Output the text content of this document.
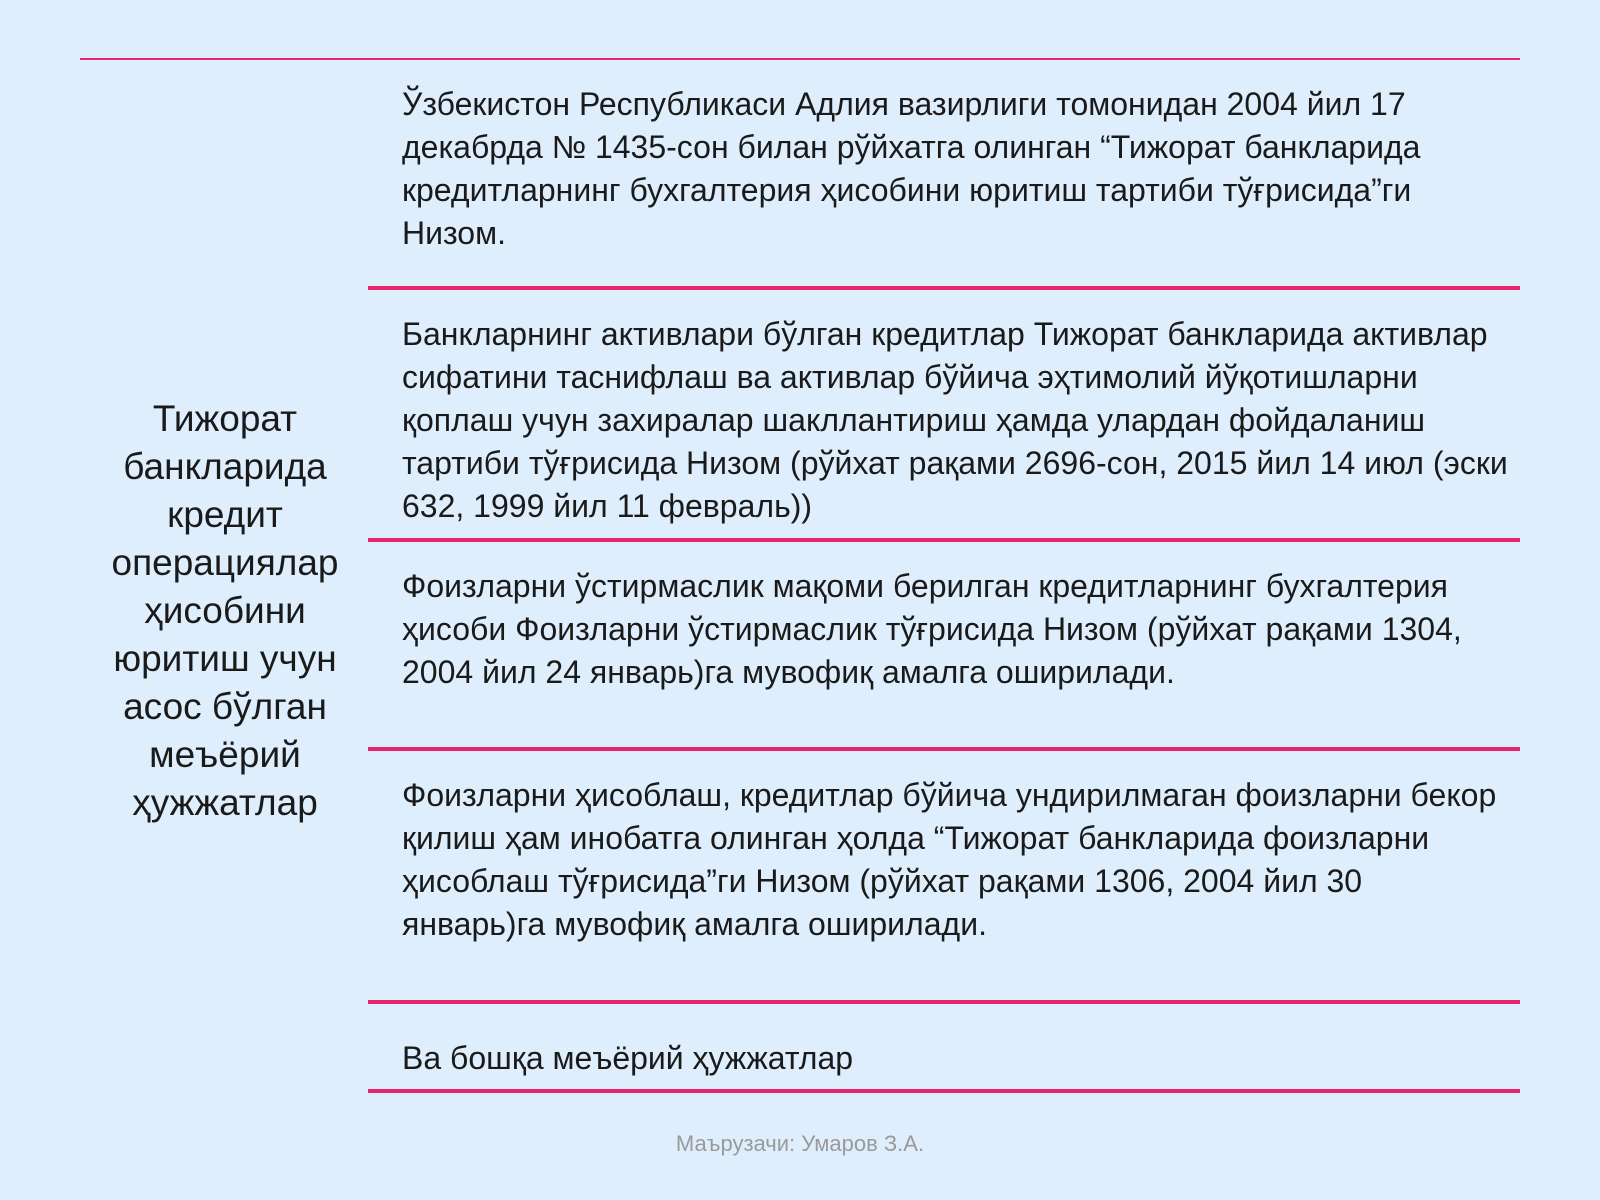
Тижорат банкларида кредит операциялар ҳисобини юритиш учун асос бўлган меъёрий ҳужжатлар
Ўзбекистон Республикаси Адлия вазирлиги томонидан 2004 йил 17 декабрда № 1435-сон билан рўйхатга олинган “Тижорат банкларида кредитларнинг бухгалтерия ҳисобини юритиш тартиби тўғрисида”ги Низом.
Банкларнинг активлари бўлган кредитлар Тижорат банкларида активлар сифатини таснифлаш ва активлар бўйича эҳтимолий йўқотишларни қоплаш учун захиралар шакллантириш ҳамда улардан фойдаланиш тартиби тўғрисида Низом (рўйхат рақами 2696-сон, 2015 йил 14 июл (эски 632, 1999 йил 11 февраль))
Фоизларни ўстирмаслик мақоми берилган кредитларнинг бухгалтерия ҳисоби Фоизларни ўстирмаслик тўғрисида Низом (рўйхат рақами 1304, 2004 йил 24 январь)га мувофиқ амалга оширилади.
Фоизларни ҳисоблаш, кредитлар бўйича ундирилмаган фоизларни бекор қилиш ҳам инобатга олинган ҳолда “Тижорат банкларида фоизларни ҳисоблаш тўғрисида”ги Низом (рўйхат рақами 1306, 2004 йил 30 январь)га мувофиқ амалга оширилади.
Ва бошқа меъёрий ҳужжатлар
Маърузачи: Умаров З.А.
